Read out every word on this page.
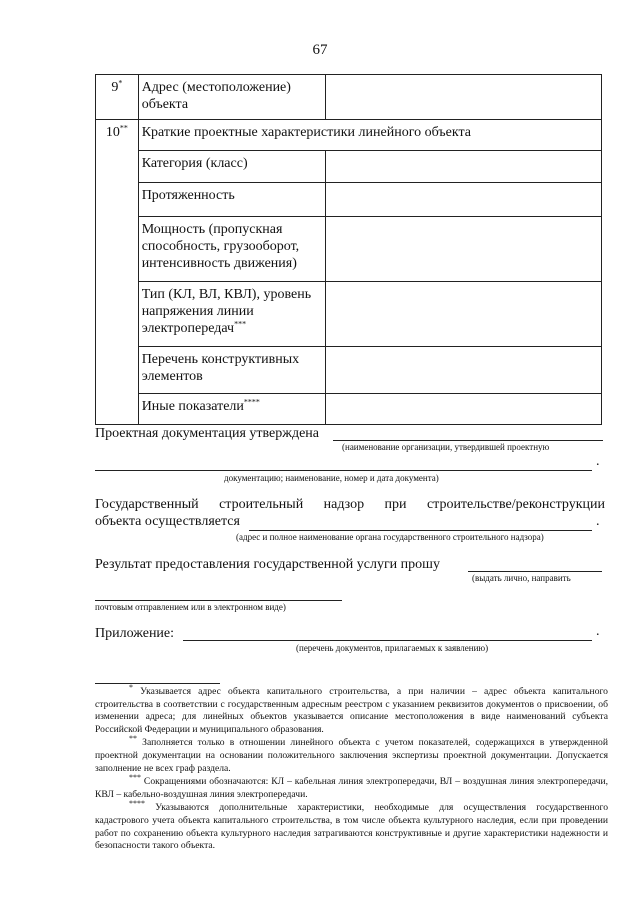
67
9*	Адрес (местоположение) объекта	
10**	Краткие проектные характеристики линейного объекта	
	Категория (класс)	
	Протяженность	
	Мощность (пропускная способность, грузооборот, интенсивность движения)	
	Тип (КЛ, ВЛ, КВЛ), уровень напряжения линии электропередач***	
	Перечень конструктивных элементов	
	Иные показатели****	
Проектная документация утверждена
(наименование организации, утвердившей проектную
.
документацию; наименование, номер и дата документа)
Государственный строительный надзор при строительстве/реконструкции
объекта осуществляется	.
(адрес и полное наименование органа государственного строительного надзора)
Результат предоставления государственной услуги прошу
(выдать лично, направить
почтовым отправлением или в электронном виде)
Приложение:	.
(перечень документов, прилагаемых к заявлению)

* Указывается адрес объекта капитального строительства, а при наличии – адрес объекта капитального строительства в соответствии с государственным адресным реестром с указанием реквизитов документов о присвоении, об изменении адреса; для линейных объектов указывается описание местоположения в виде наименований субъекта Российской Федерации и муниципального образования.

** Заполняется только в отношении линейного объекта с учетом показателей, содержащихся в утвержденной проектной документации на основании положительного заключения экспертизы проектной документации. Допускается заполнение не всех граф раздела.

*** Сокращениями обозначаются: КЛ – кабельная линия электропередачи, ВЛ – воздушная линия электропередачи, КВЛ – кабельно-воздушная линия электропередачи.

**** Указываются дополнительные характеристики, необходимые для осуществления государственного кадастрового учета объекта капитального строительства, в том числе объекта культурного наследия, если при проведении работ по сохранению объекта культурного наследия затрагиваются конструктивные и другие характеристики надежности и безопасности такого объекта.
